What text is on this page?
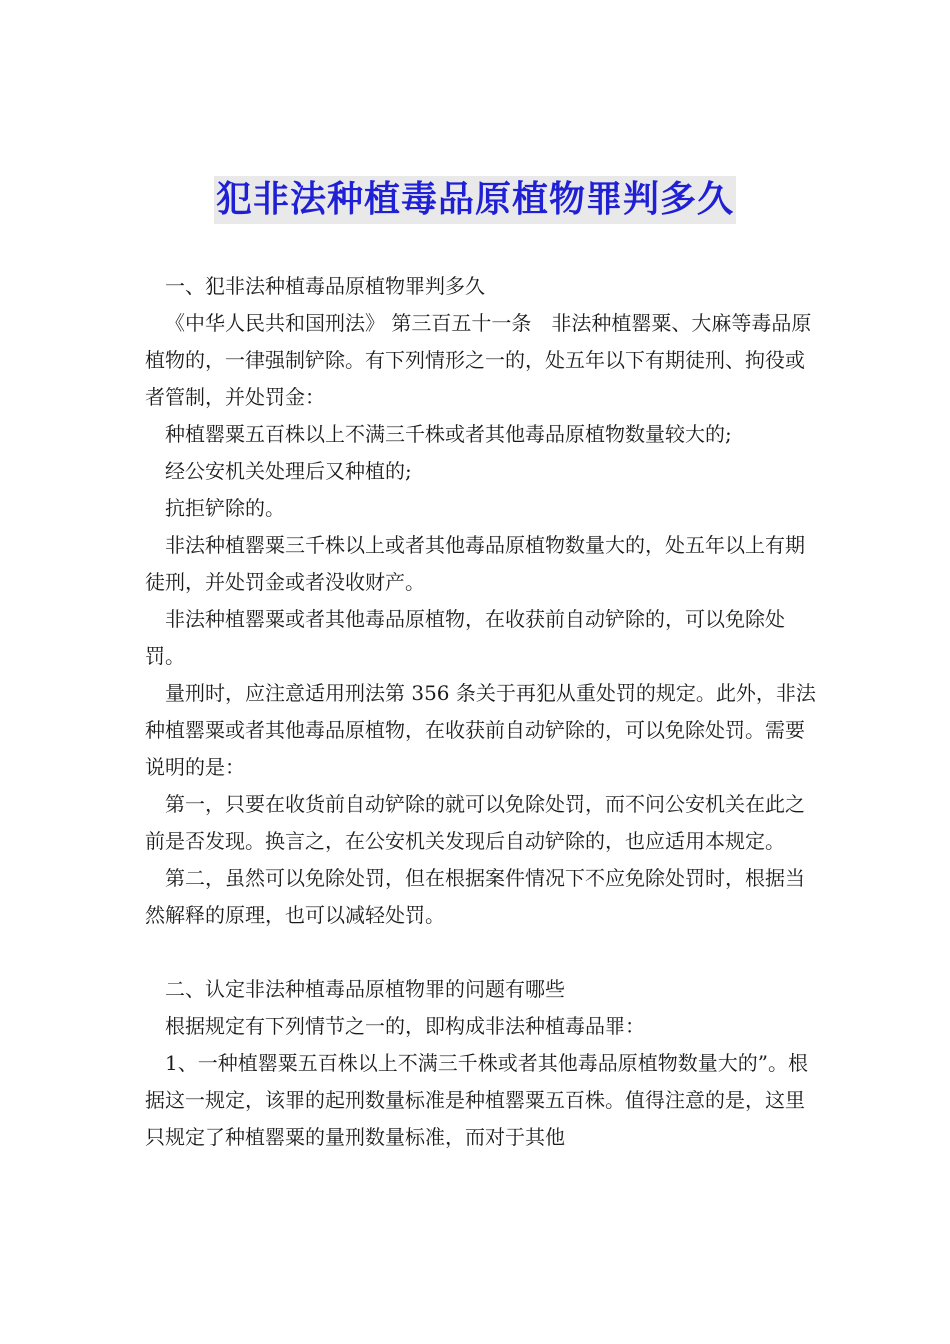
犯非法种植毒品原植物罪判多久

一、犯非法种植毒品原植物罪判多久

《中华人民共和国刑法》 第三百五十一条　非法种植罂粟、大麻等毒品原植物的，一律强制铲除。有下列情形之一的，处五年以下有期徒刑、拘役或者管制，并处罚金：

种植罂粟五百株以上不满三千株或者其他毒品原植物数量较大的;

经公安机关处理后又种植的;

抗拒铲除的。

非法种植罂粟三千株以上或者其他毒品原植物数量大的，处五年以上有期徒刑，并处罚金或者没收财产。

非法种植罂粟或者其他毒品原植物，在收获前自动铲除的，可以免除处罚。

量刑时，应注意适用刑法第 356 条关于再犯从重处罚的规定。此外，非法种植罂粟或者其他毒品原植物，在收获前自动铲除的，可以免除处罚。需要说明的是：

第一，只要在收货前自动铲除的就可以免除处罚，而不问公安机关在此之前是否发现。换言之，在公安机关发现后自动铲除的，也应适用本规定。

第二，虽然可以免除处罚，但在根据案件情况下不应免除处罚时，根据当然解释的原理，也可以减轻处罚。

二、认定非法种植毒品原植物罪的问题有哪些

根据规定有下列情节之一的，即构成非法种植毒品罪：

1、一种植罂粟五百株以上不满三千株或者其他毒品原植物数量大的”。根据这一规定，该罪的起刑数量标准是种植罂粟五百株。值得注意的是，这里只规定了种植罂粟的量刑数量标准，而对于其他
